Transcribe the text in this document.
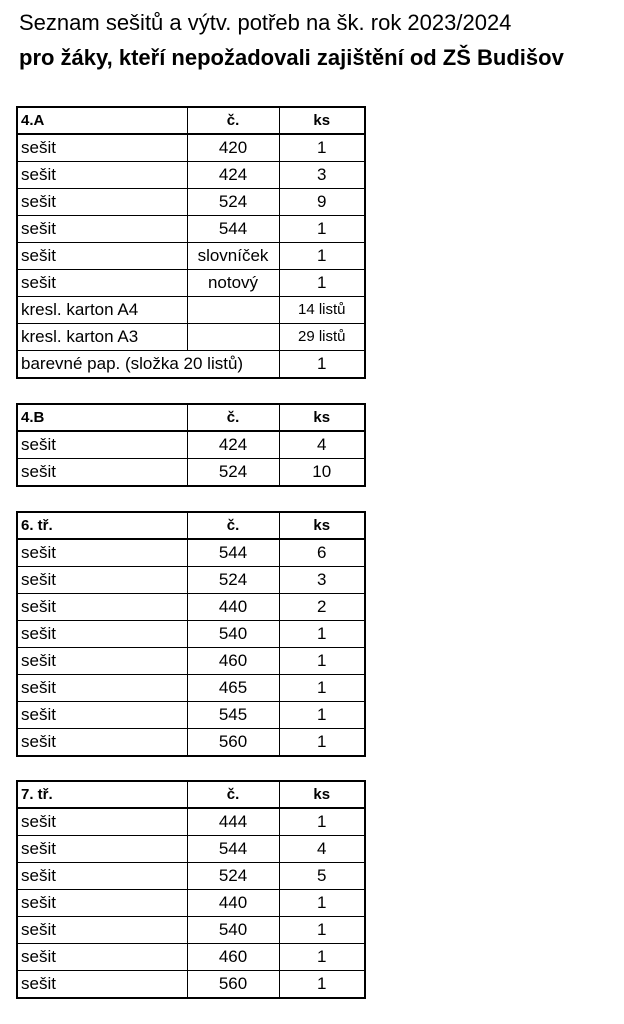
Seznam sešitů a výtv. potřeb na šk. rok 2023/2024
pro žáky, kteří nepožadovali zajištění od ZŠ Budišov
4.A	č.	ks
sešit	420	1
sešit	424	3
sešit	524	9
sešit	544	1
sešit	slovníček	1
sešit	notový	1
kresl. karton A4		14 listů
kresl. karton A3		29 listů
barevné pap. (složka 20 listů)		1
4.B	č.	ks
sešit	424	4
sešit	524	10
6. tř.	č.	ks
sešit	544	6
sešit	524	3
sešit	440	2
sešit	540	1
sešit	460	1
sešit	465	1
sešit	545	1
sešit	560	1
7. tř.	č.	ks
sešit	444	1
sešit	544	4
sešit	524	5
sešit	440	1
sešit	540	1
sešit	460	1
sešit	560	1
